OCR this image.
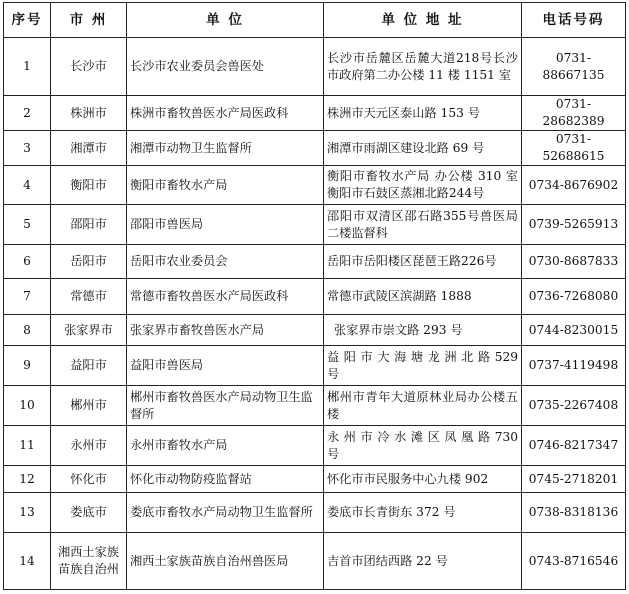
序号	市 州	单 位	单 位 地 址	电话号码
1	长沙市	长沙市农业委员会兽医处	长沙市岳麓区岳麓大道218号长沙市政府第二办公楼 11 楼 1151 室	0731-88667135
2	株洲市	株洲市畜牧兽医水产局医政科	株洲市天元区泰山路 153 号	0731-28682389
3	湘潭市	湘潭市动物卫生监督所	湘潭市雨湖区建设北路 69 号	0731-52688615
4	衡阳市	衡阳市畜牧水产局	衡阳市畜牧水产局 办公楼 310 室衡阳市石鼓区蒸湘北路244号	0734-8676902
5	邵阳市	邵阳市兽医局	邵阳市双清区邵石路355号兽医局二楼监督科	0739-5265913
6	岳阳市	岳阳市农业委员会	岳阳市岳阳楼区琵琶王路226号	0730-8687833
7	常德市	常德市畜牧兽医水产局医政科	常德市武陵区滨湖路 1888	0736-7268080
8	张家界市	张家界市畜牧兽医水产局	张家界市崇文路 293 号	0744-8230015
9	益阳市	益阳市兽医局	益 阳 市 大 海 塘 龙 洲 北 路 529 号	0737-4119498
10	郴州市	郴州市畜牧兽医水产局动物卫生监督所	郴州市青年大道原林业局办公楼五楼	0735-2267408
11	永州市	永州市畜牧水产局	永 州 市 冷 水 滩 区 凤 凰 路 730 号	0746-8217347
12	怀化市	怀化市动物防疫监督站	怀化市市民服务中心九楼 902	0745-2718201
13	娄底市	娄底市畜牧水产局动物卫生监督所	娄底市长青街东 372 号	0738-8318136
14	湘西土家族苗族自治州	湘西土家族苗族自治州兽医局	吉首市团结西路 22 号	0743-8716546
